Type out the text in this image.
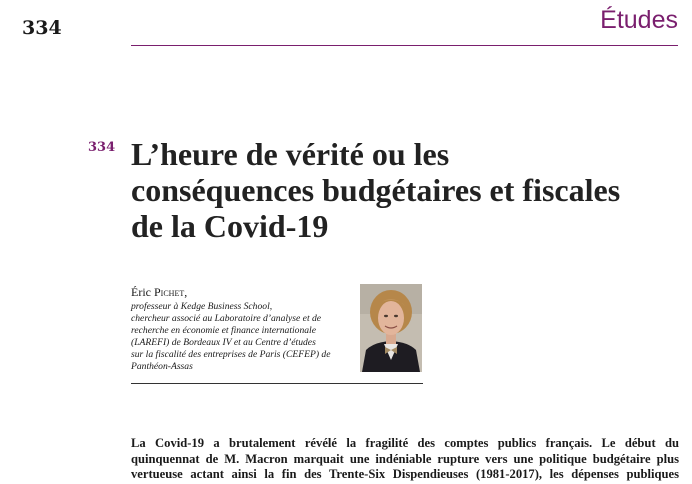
334	Études
334 L’heure de vérité ou les
conséquences budgétaires et fiscales
de la Covid-19
Éric Pichet,
professeur à Kedge Business School,
chercheur associé au Laboratoire d’analyse et de
recherche en économie et finance internationale
(LAREFI) de Bordeaux IV et au Centre d’études
sur la fiscalité des entreprises de Paris (CEFEP) de
Panthéon-Assas
La Covid-19 a brutalement révélé la fragilité des comptes publics français. Le début du
quinquennat de M. Macron marquait une indéniable rupture vers une politique budgétaire plus
vertueuse actant ainsi la fin des Trente-Six Dispendieuses (1981-2017), les dépenses publiques
